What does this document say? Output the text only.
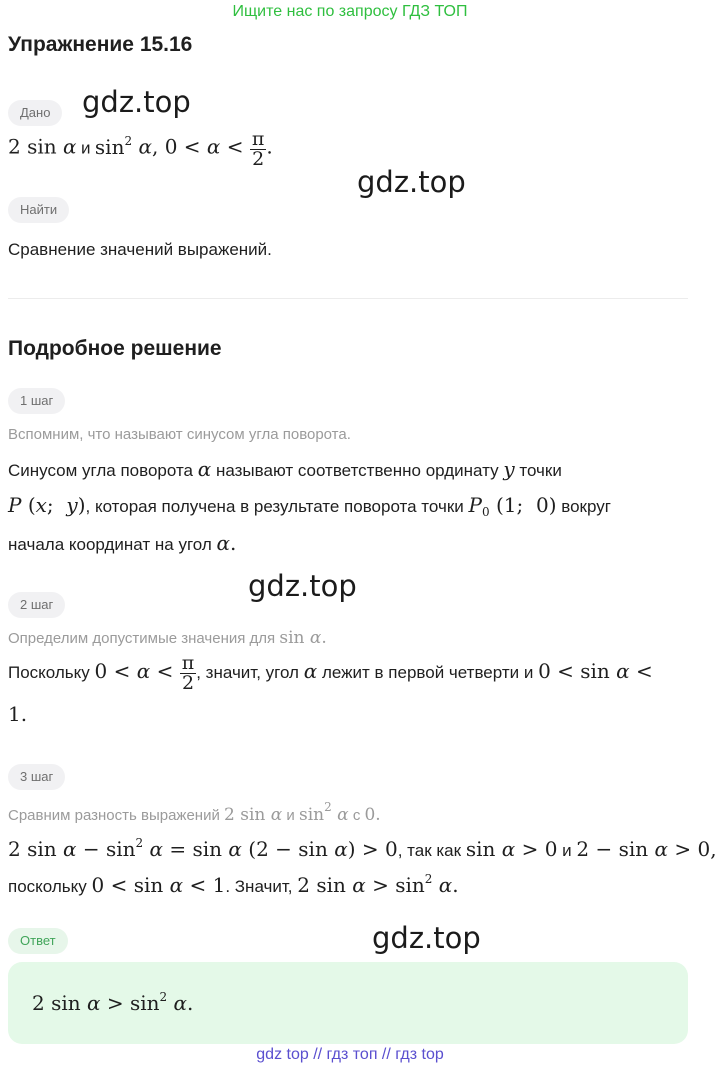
Ищите нас по запросу ГДЗ ТОП
Упражнение 15.16
Дано	gdz.top
2 sin α и $\sin^2 \alpha$, $0 < \alpha < \frac{\pi}{2}$ .
gdz.top
Найти
Сравнение значений выражений.
Подробное решение
1 шаг
Вспомним, что называют синусом угла поворота.
Синусом угла поворота α называют соответственно ординату y точки
P (x;  y), которая получена в результате поворота точки $P_0$ (1;  0) вокруг
начала координат на угол α.
gdz.top
2 шаг
Определим допустимые значения для sin α.
Поскольку $0 < \alpha < \frac{\pi}{2}$ , значит, угол α лежит в первой четверти и 0 < sin α <
1.
3 шаг
Сравним разность выражений 2 sin α и $\sin^2 \alpha$ с 0.
2 $\sin \alpha - \sin^2 \alpha = \sin \alpha$ (2 − sin α) > 0, так как sin α > 0 и 2 − sin α > 0,
поскольку 0 < sin α < 1. Значит, 2 $\sin \alpha > \sin^2 \alpha$.
Ответ	gdz.top
2 $\sin \alpha > \sin^2 \alpha$.
gdz top // гдз топ // гдз top
